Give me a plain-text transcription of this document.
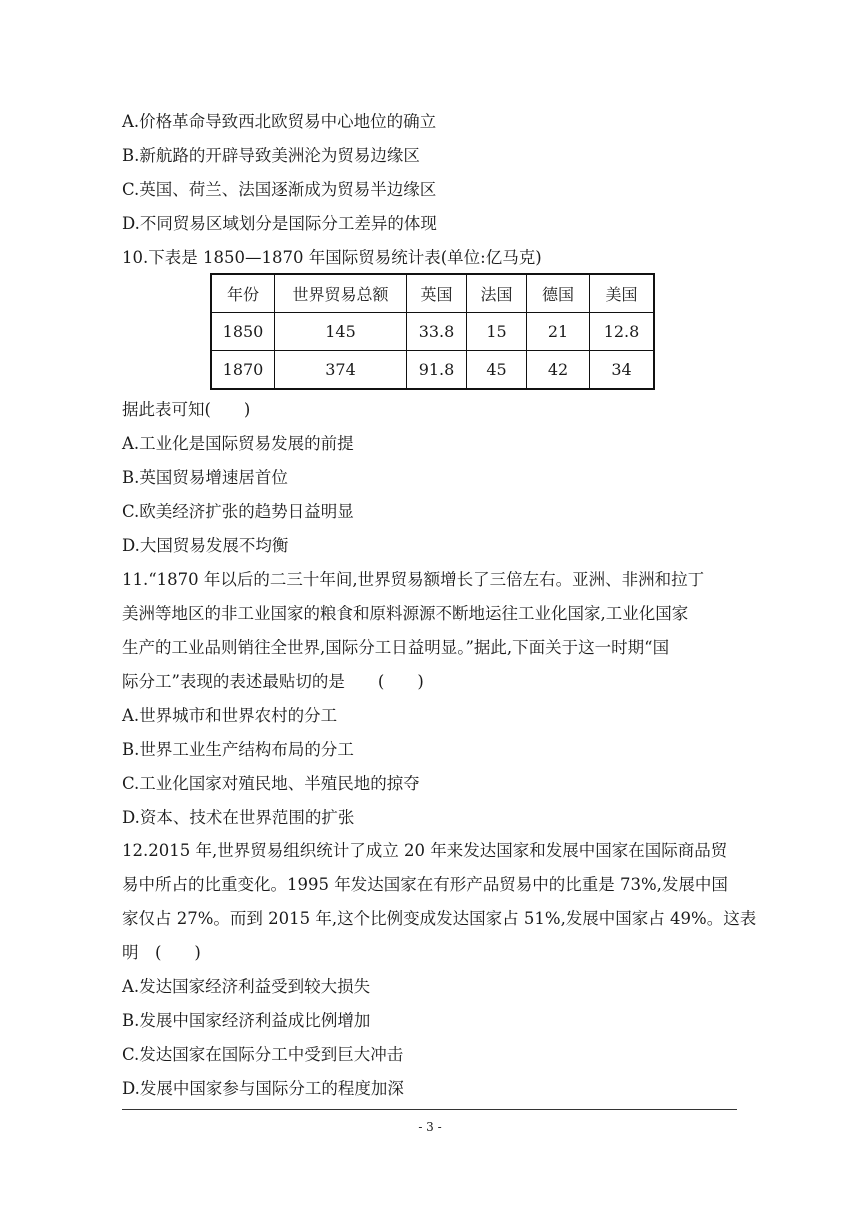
A.价格革命导致西北欧贸易中心地位的确立
B.新航路的开辟导致美洲沦为贸易边缘区
C.英国、荷兰、法国逐渐成为贸易半边缘区
D.不同贸易区域划分是国际分工差异的体现
10.下表是 1850—1870 年国际贸易统计表(单位:亿马克)
年份	世界贸易总额	英国	法国	德国	美国
1850	145	33.8	15	21	12.8
1870	374	91.8	45	42	34
据此表可知(　　)
A.工业化是国际贸易发展的前提
B.英国贸易增速居首位
C.欧美经济扩张的趋势日益明显
D.大国贸易发展不均衡
11.“1870 年以后的二三十年间,世界贸易额增长了三倍左右。亚洲、非洲和拉丁
美洲等地区的非工业国家的粮食和原料源源不断地运往工业化国家,工业化国家
生产的工业品则销往全世界,国际分工日益明显。”据此,下面关于这一时期“国
际分工”表现的表述最贴切的是　　(　　)
A.世界城市和世界农村的分工
B.世界工业生产结构布局的分工
C.工业化国家对殖民地、半殖民地的掠夺
D.资本、技术在世界范围的扩张
12.2015 年,世界贸易组织统计了成立 20 年来发达国家和发展中国家在国际商品贸
易中所占的比重变化。1995 年发达国家在有形产品贸易中的比重是 73%,发展中国
家仅占 27%。而到 2015 年,这个比例变成发达国家占 51%,发展中国家占 49%。这表
明　(　　)
A.发达国家经济利益受到较大损失
B.发展中国家经济利益成比例增加
C.发达国家在国际分工中受到巨大冲击
D.发展中国家参与国际分工的程度加深
- 3 -
